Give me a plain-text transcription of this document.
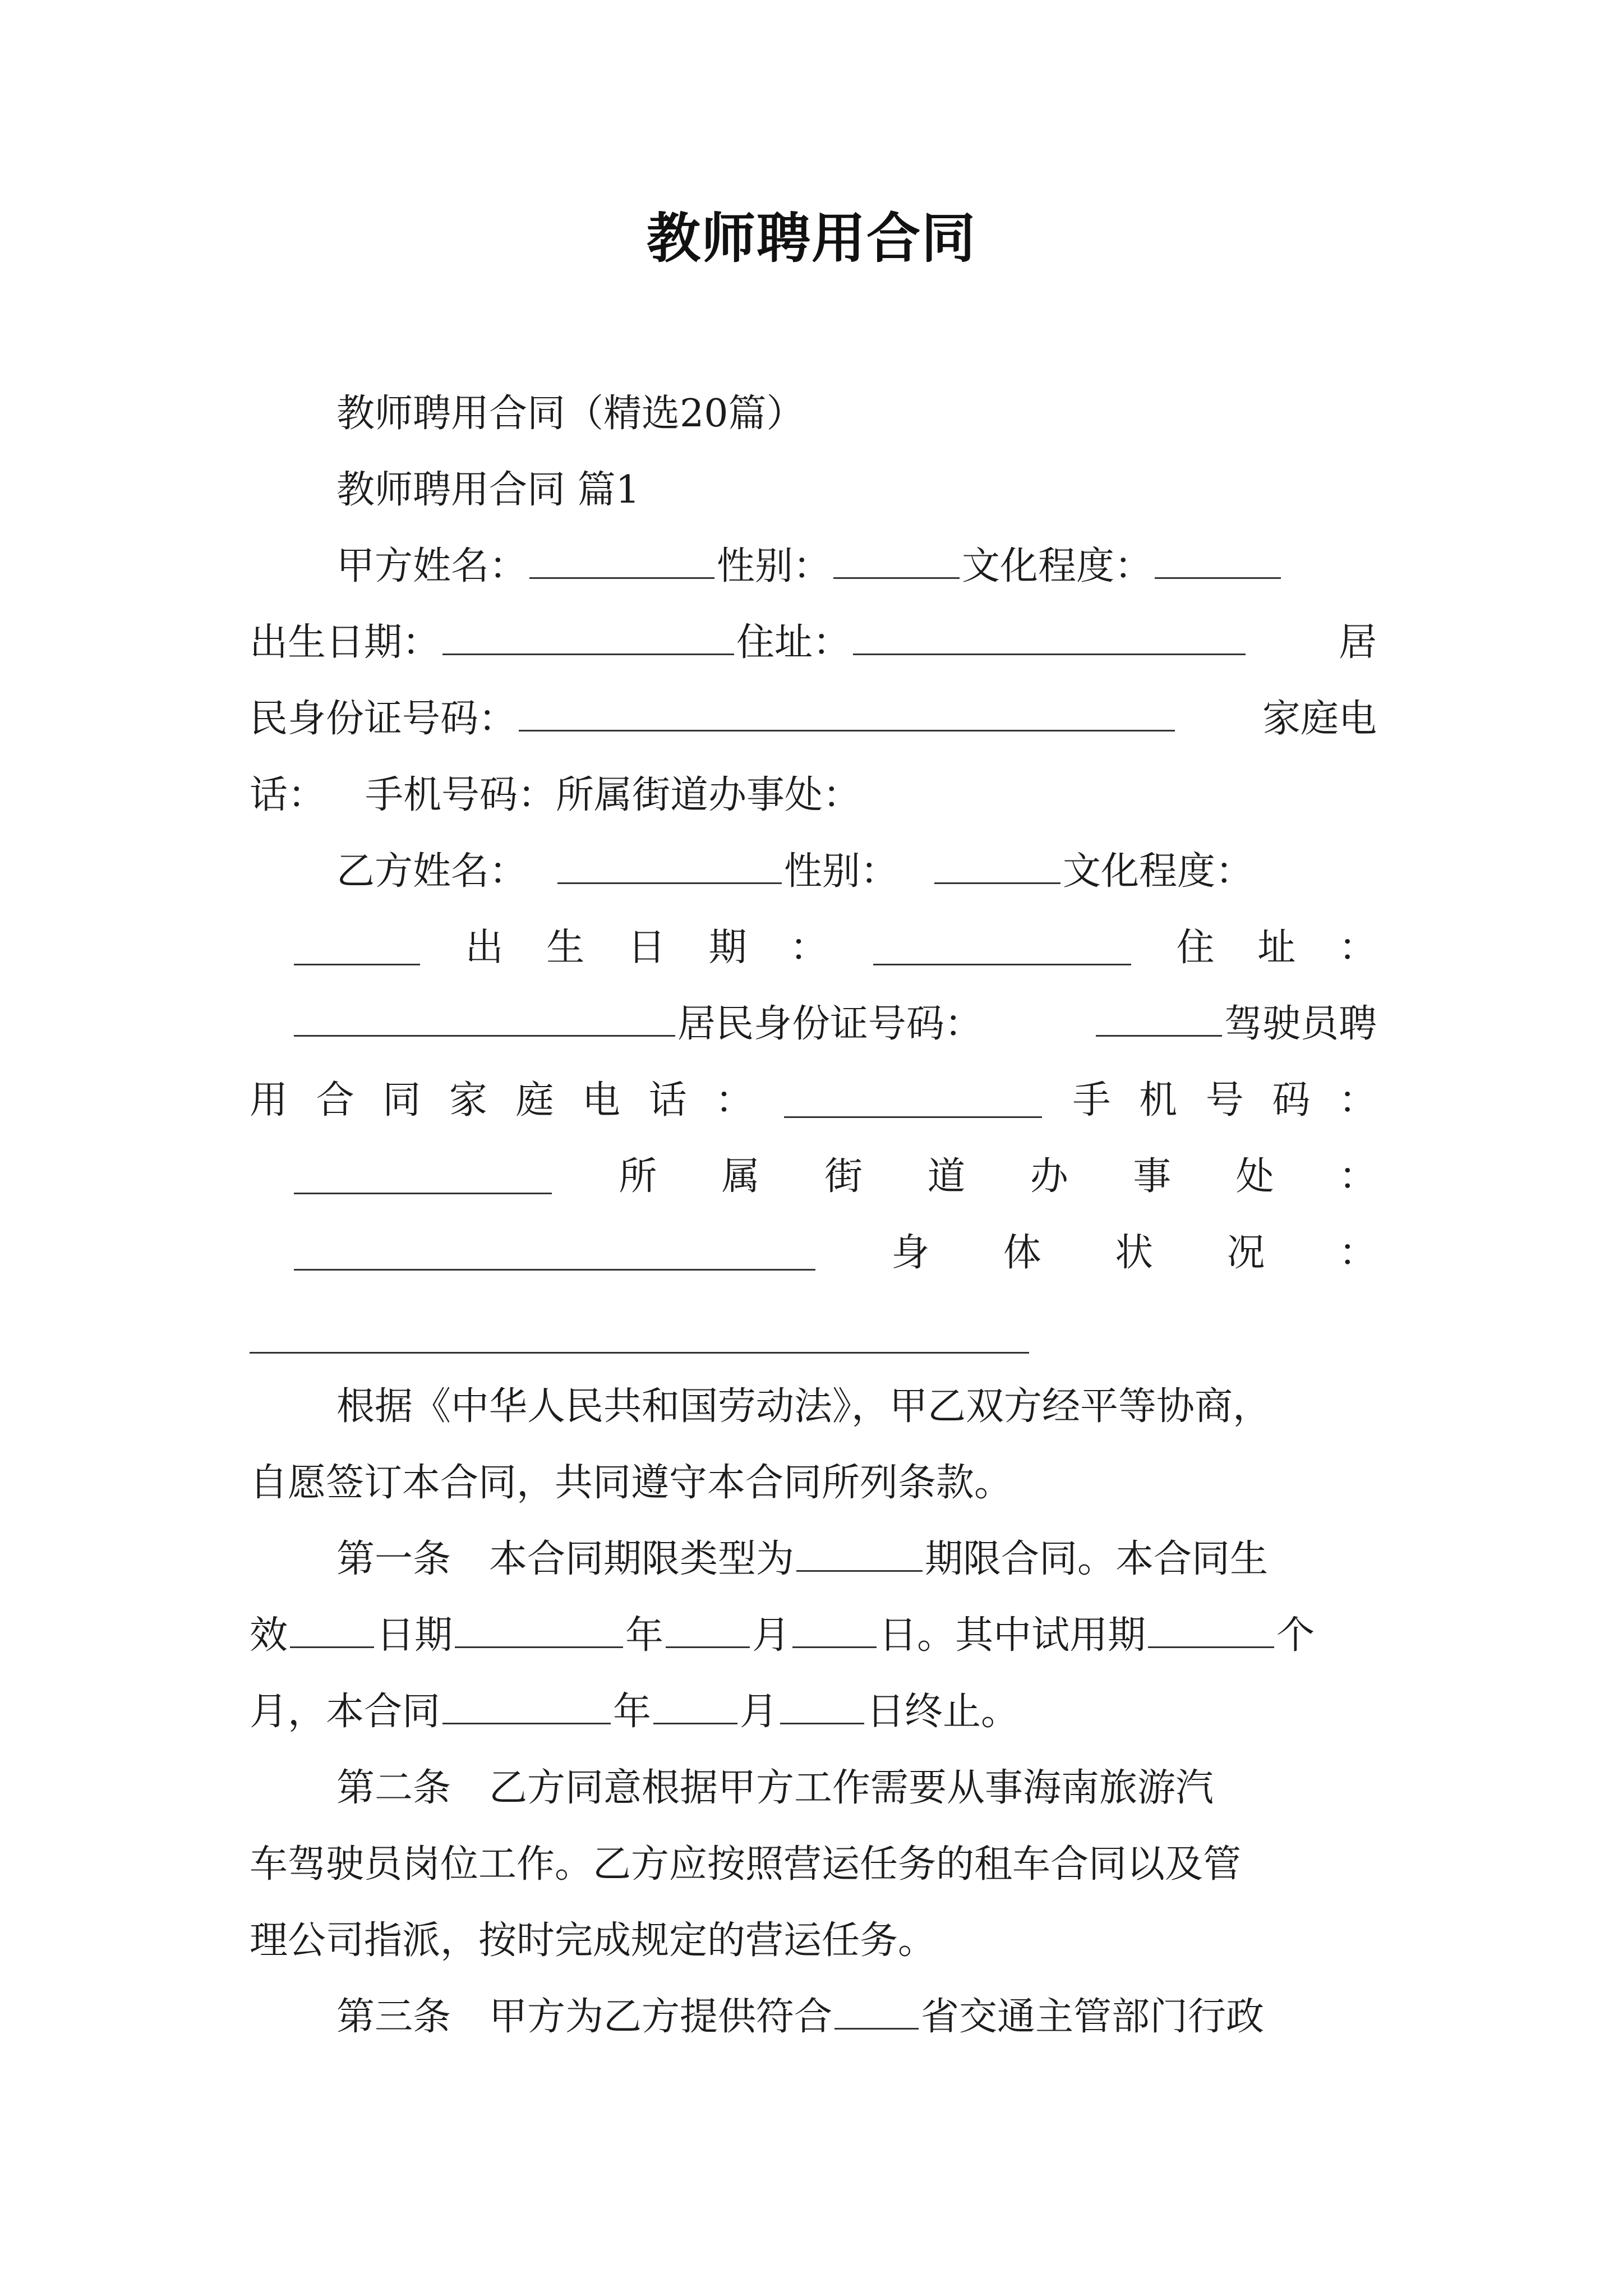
教师聘用合同
教师聘用合同（精选20篇）
教师聘用合同 篇1
甲方姓名：	性别：	文化程度：
出生日期：	住址：	居
民身份证号码：	家庭电
话： 手机号码：所属街道办事处：
乙方姓名：	性别：	文化程度：
出 生 日 期 ：	住 址 ：
居民身份证号码：	驾驶员聘
用 合 同 家 庭 电 话 ：	手 机 号 码 ：
所 属 街 道 办 事 处 ：
身 体 状 况 ：
根据《中华人民共和国劳动法》，甲乙双方经平等协商，
自愿签订本合同，共同遵守本合同所列条款。
第一条　本合同期限类型为	期限合同。本合同生
效 日期	年 月 日。其中试用期	个
月，本合同	年 月 日终止。
第二条　乙方同意根据甲方工作需要从事海南旅游汽
车驾驶员岗位工作。乙方应按照营运任务的租车合同以及管
理公司指派，按时完成规定的营运任务。
第三条　甲方为乙方提供符合 省交通主管部门行政
